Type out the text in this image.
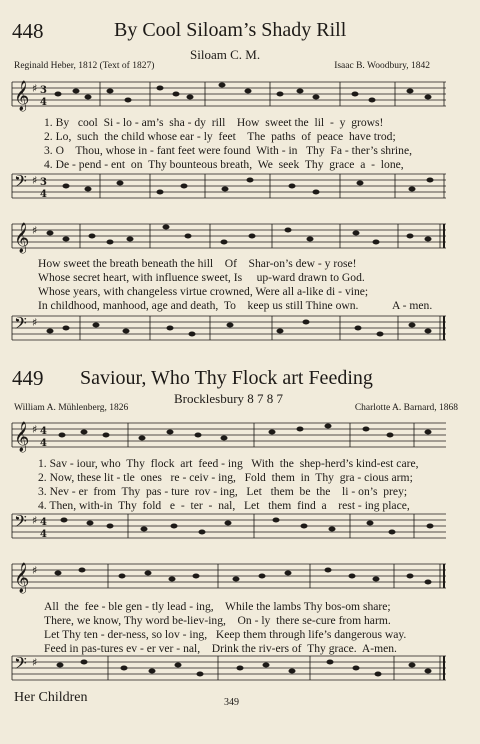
448	By Cool Siloam’s Shady Rill
Siloam C. M.
Reginald Heber, 1812 (Text of 1827)	Isaac B. Woodbury, 1842
𝄞 ♯ 3
4
1. By   cool  Si - lo - am’s  sha - dy  rill    How  sweet the  lil  -  y  grows!
2. Lo,  such  the child whose ear - ly  feet    The  paths  of  peace  have trod;
3. O    Thou, whose in - fant feet were found  With - in   Thy  Fa - ther’s shrine,
4. De - pend - ent  on  Thy bounteous breath,  We  seek  Thy  grace  a  -  lone,
𝄢 ♯ 3
4
𝄞 ♯
How sweet the breath beneath the hill    Of    Shar-on’s dew - y rose!
Whose secret heart, with influence sweet, Is     up-ward drawn to God.
Whose years, with changeless virtue crowned, Were all a-like di - vine;
In childhood, manhood, age and death,  To    keep us still Thine own.	A - men.
𝄢 ♯
449 Saviour, Who Thy Flock art Feeding
Brocklesbury 8 7 8 7
William A. Mühlenberg, 1826	Charlotte A. Barnard, 1868
𝄞 ♯ 4
4
1. Sav - iour, who  Thy  flock  art  feed - ing   With  the  shep-herd’s kind-est care,
2. Now, these lit - tle  ones   re - ceiv - ing,   Fold  them  in  Thy  gra - cious arm;
3. Nev - er  from  Thy  pas - ture  rov - ing,   Let   them  be  the    li - on’s  prey;
4. Then, with-in  Thy  fold   e  -  ter  -  nal,   Let   them  find  a    rest - ing place,
𝄢 ♯ 4
4
𝄞 ♯
All  the  fee - ble gen - tly lead - ing,    While the lambs Thy bos-om share;
There, we know, Thy word be-liev-ing,    On - ly  there se-cure from harm.
Let Thy ten - der-ness, so lov - ing,   Keep them through life’s dangerous way.
Feed in pas-tures ev - er ver - nal,    Drink the riv-ers of  Thy grace.  A-men.
𝄢 ♯
Her Children	349
